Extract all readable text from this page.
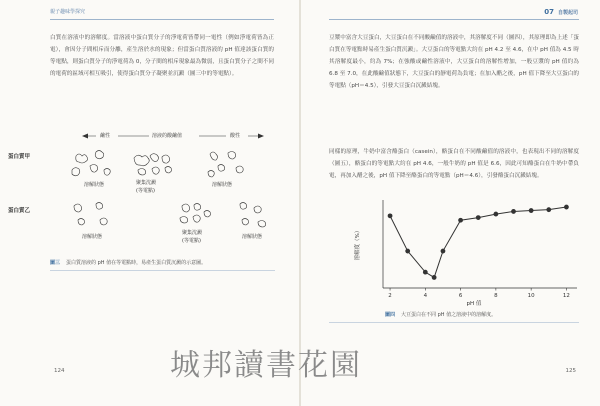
親子趣味學探究
白質在溶液中的溶解度。當溶液中蛋白質分子的淨電荷皆帶同一電性（例如淨電荷皆為正電），會因分子間相斥而分離，產生溶於水的現象；但當蛋白質溶液的 pH 值達該蛋白質的等電點，則蛋白質分子的淨電荷為 0，分子間的相斥現象最為微弱，且蛋白質分子之間不同的電荷的區域可相互吸引，使得蛋白質分子凝聚並沉澱（圖三中的等電點）。
鹼性	溶液的酸鹼值	酸性
蛋白質甲
蛋白質乙
溶解狀態	聚集沈澱
(等電點)
溶解狀態
溶解狀態
聚集沈澱
(等電點)
溶解狀態
圖三 蛋白質溶液的 pH 值在等電點時，易產生蛋白質沉澱的示意圖。
124
07 自製起司
豆漿中富含大豆蛋白，大豆蛋白在不同酸鹼值的溶液中，其溶解度不同（圖四），其原理即為上述「蛋白質在等電點時易產生蛋白質沉澱」。大豆蛋白的等電點大約在 pH 4.2 至 4.6，在中 pH 值為 4.5 時其溶解度最小，約為 7%；在強酸或鹼性溶液中，大豆蛋白的溶解性增加，一般豆漿的 pH 值約為 6.8 至 7.0，在此酸鹼值狀態下，大豆蛋白的靜電荷為負電；在加入醋之後，pH 值下降至大豆蛋白的等電點（pH＝4.5），引發大豆蛋白沉澱結塊。
同樣的原理，牛奶中富含酪蛋白（casein），酪蛋白在不同酸鹼值的溶液中，也表現出不同的溶解度（圖五），酪蛋白的等電點大約在 pH 4.6，一般牛奶的 pH 值是 6.6，因此可知酪蛋白在牛奶中帶負電，再加入醋之後，pH 值下降至酪蛋白的等電點（pH＝4.6），引發酪蛋白沉澱結塊。
2	4	6	8	10	12
pH 值
溶解度（%）
圖四 大豆蛋白在不同 pH 值之溶液中的溶解度。
125
城邦讀書花園
